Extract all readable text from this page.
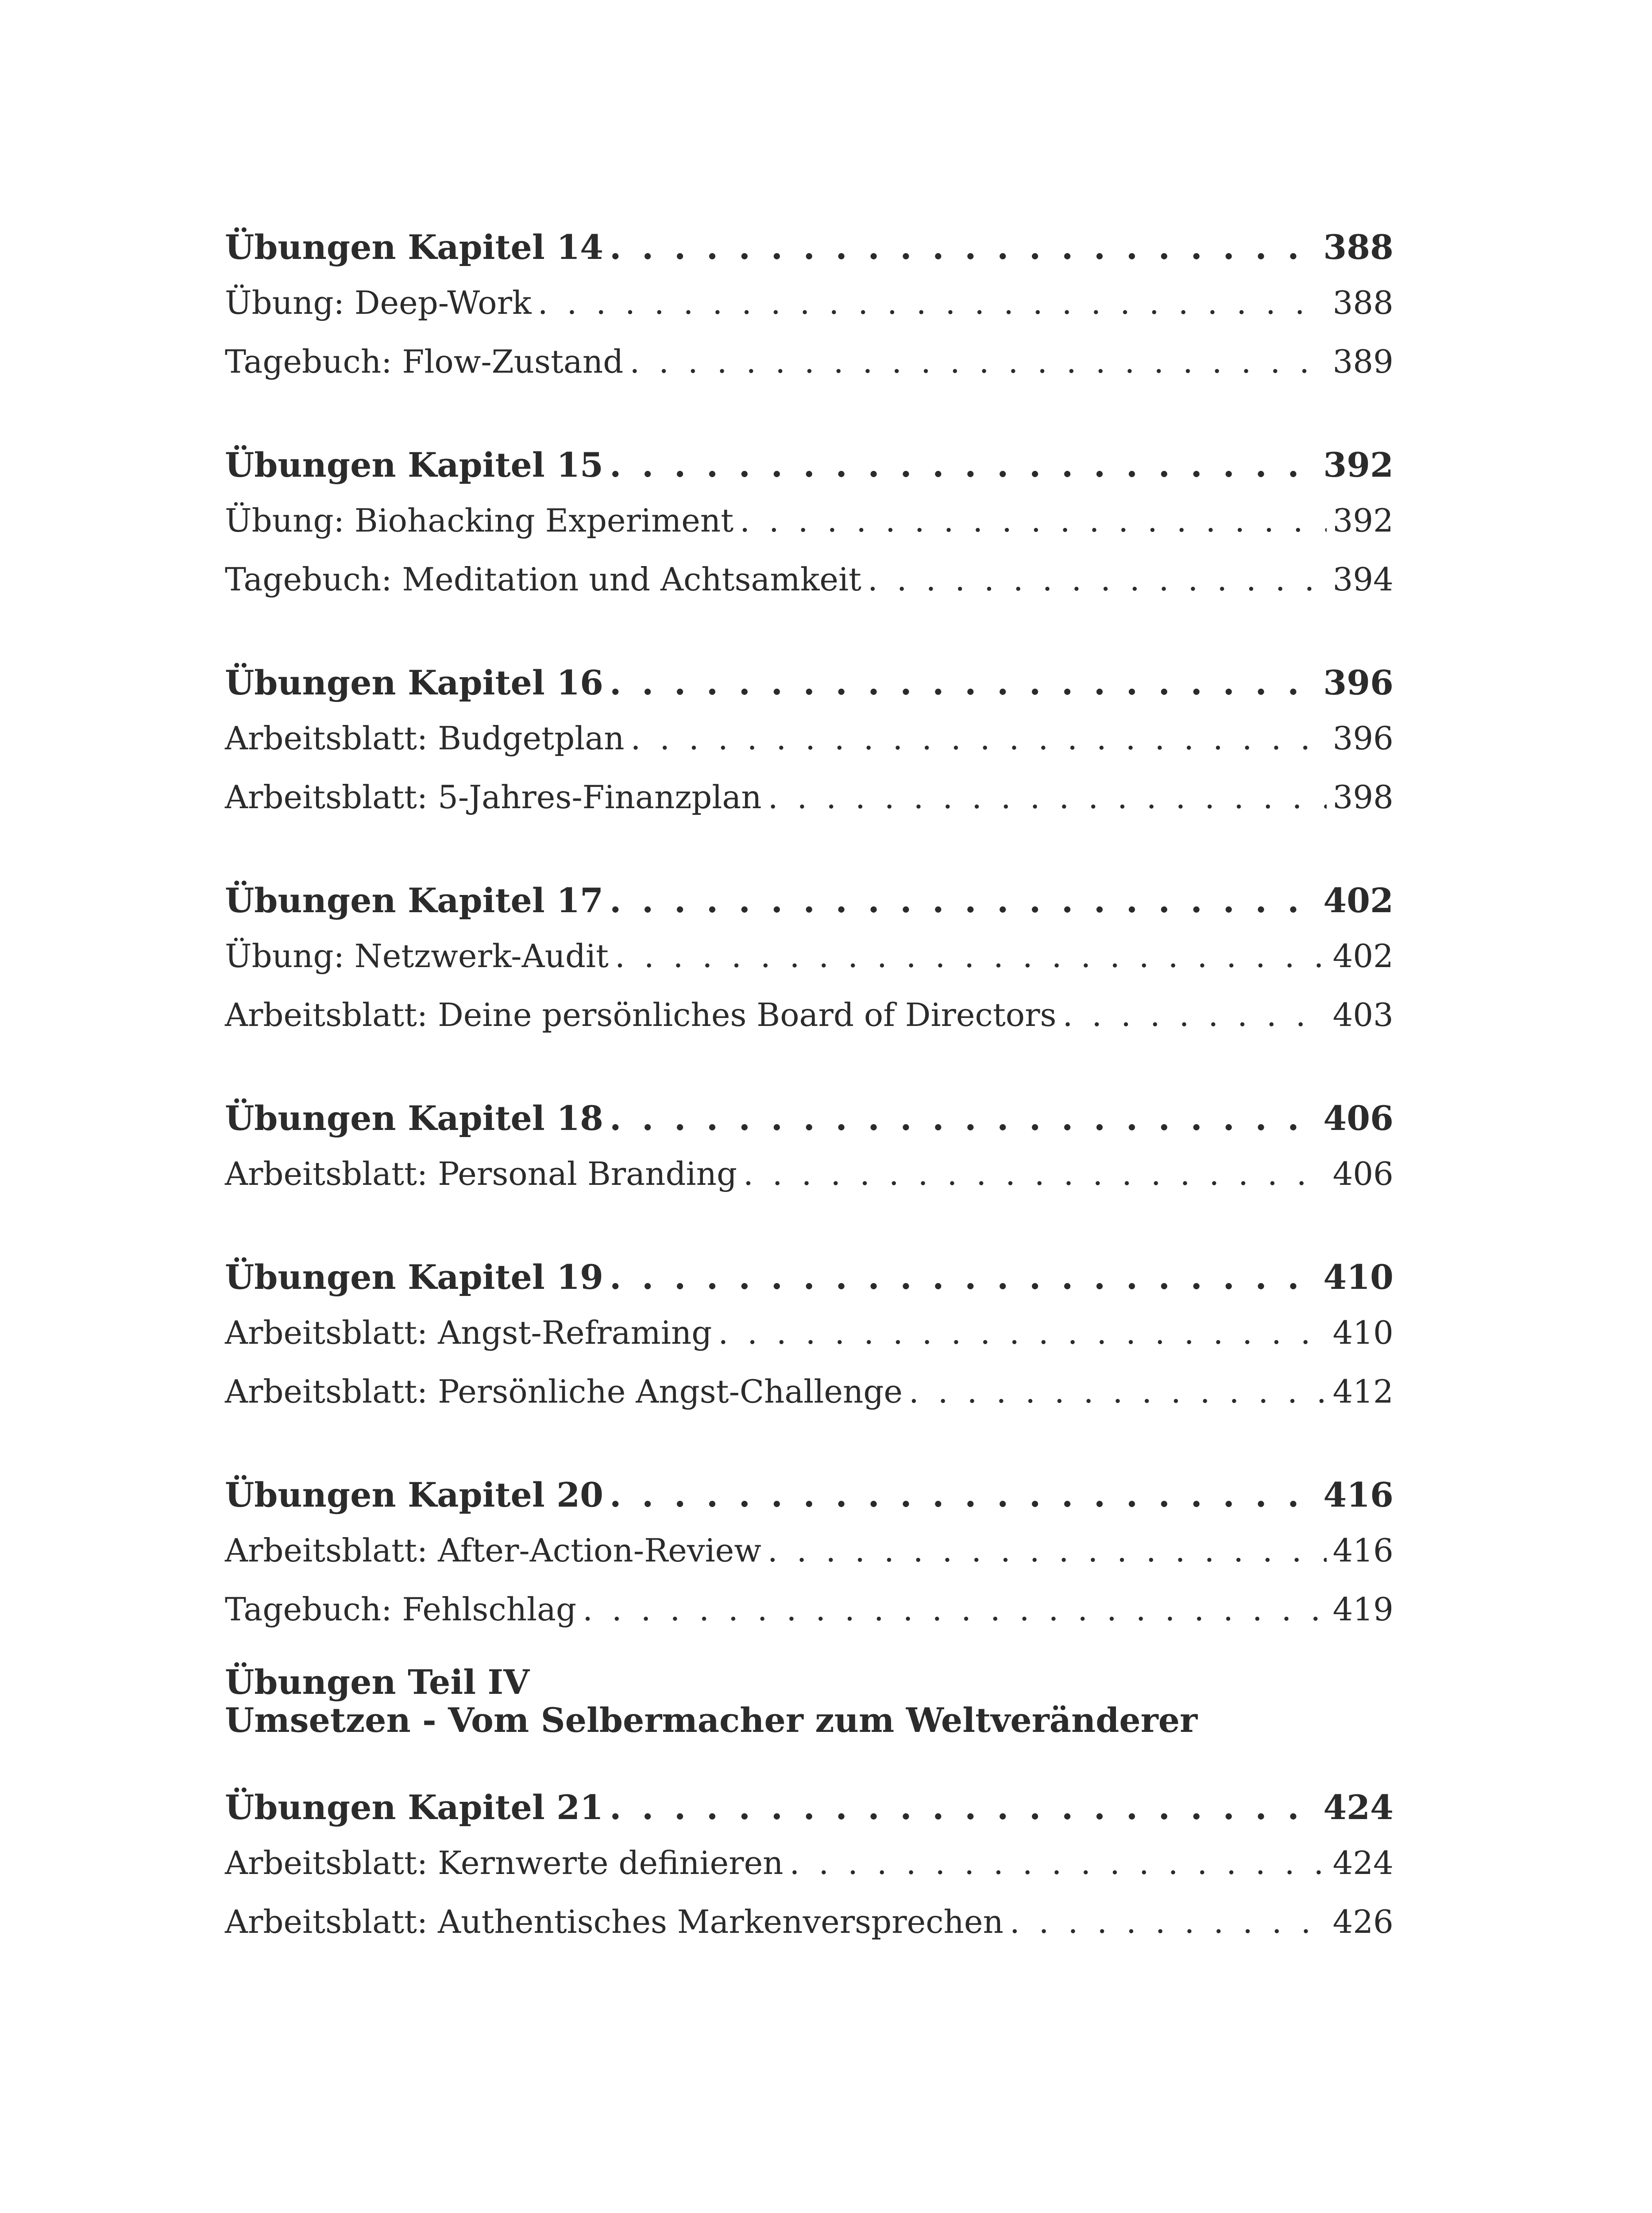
Übungen Kapitel 14 . . .	388
Übung: Deep-Work . . .	388
Tagebuch: Flow-Zustand . . .	389
Übungen Kapitel 15 . . .	392
Übung: Biohacking Experiment . . .	392
Tagebuch: Meditation und Achtsamkeit . . .	394
Übungen Kapitel 16 . . .	396
Arbeitsblatt: Budgetplan . . .	396
Arbeitsblatt: 5-Jahres-Finanzplan . . .	398
Übungen Kapitel 17 . . .	402
Übung: Netzwerk-Audit . . .	402
Arbeitsblatt: Deine persönliches Board of Directors . . .	403
Übungen Kapitel 18 . . .	406
Arbeitsblatt: Personal Branding . . .	406
Übungen Kapitel 19 . . .	410
Arbeitsblatt: Angst-Reframing . . .	410
Arbeitsblatt: Persönliche Angst-Challenge . . .	412
Übungen Kapitel 20 . . .	416
Arbeitsblatt: After-Action-Review . . .	416
Tagebuch: Fehlschlag . . .	419
Übungen Teil IV
Umsetzen - Vom Selbermacher zum Weltveränderer
Übungen Kapitel 21 . . .	424
Arbeitsblatt: Kernwerte definieren . . .	424
Arbeitsblatt: Authentisches Markenversprechen . . .	426
